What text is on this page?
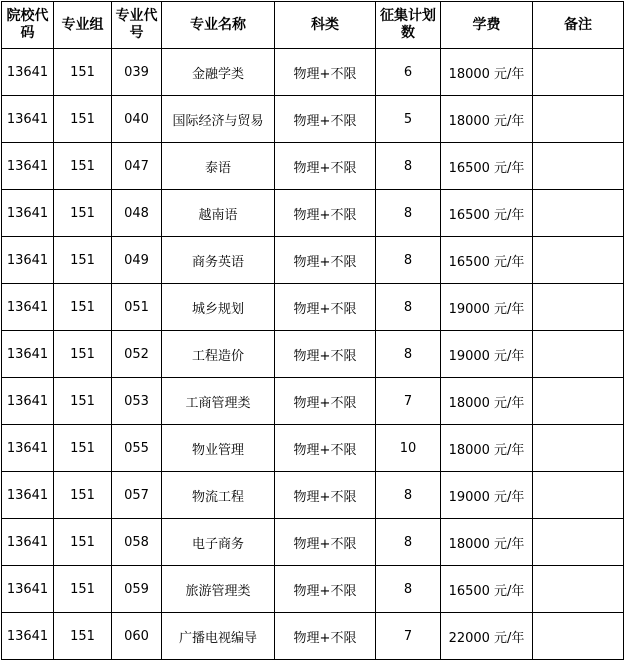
院校代码	专业组	专业代号	专业名称	科类	征集计划数	学费	备注
13641	151	039	金融学类	物理+不限	6	18000 元/年	
13641	151	040	国际经济与贸易	物理+不限	5	18000 元/年	
13641	151	047	泰语	物理+不限	8	16500 元/年	
13641	151	048	越南语	物理+不限	8	16500 元/年	
13641	151	049	商务英语	物理+不限	8	16500 元/年	
13641	151	051	城乡规划	物理+不限	8	19000 元/年	
13641	151	052	工程造价	物理+不限	8	19000 元/年	
13641	151	053	工商管理类	物理+不限	7	18000 元/年	
13641	151	055	物业管理	物理+不限	10	18000 元/年	
13641	151	057	物流工程	物理+不限	8	19000 元/年	
13641	151	058	电子商务	物理+不限	8	18000 元/年	
13641	151	059	旅游管理类	物理+不限	8	16500 元/年	
13641	151	060	广播电视编导	物理+不限	7	22000 元/年	
